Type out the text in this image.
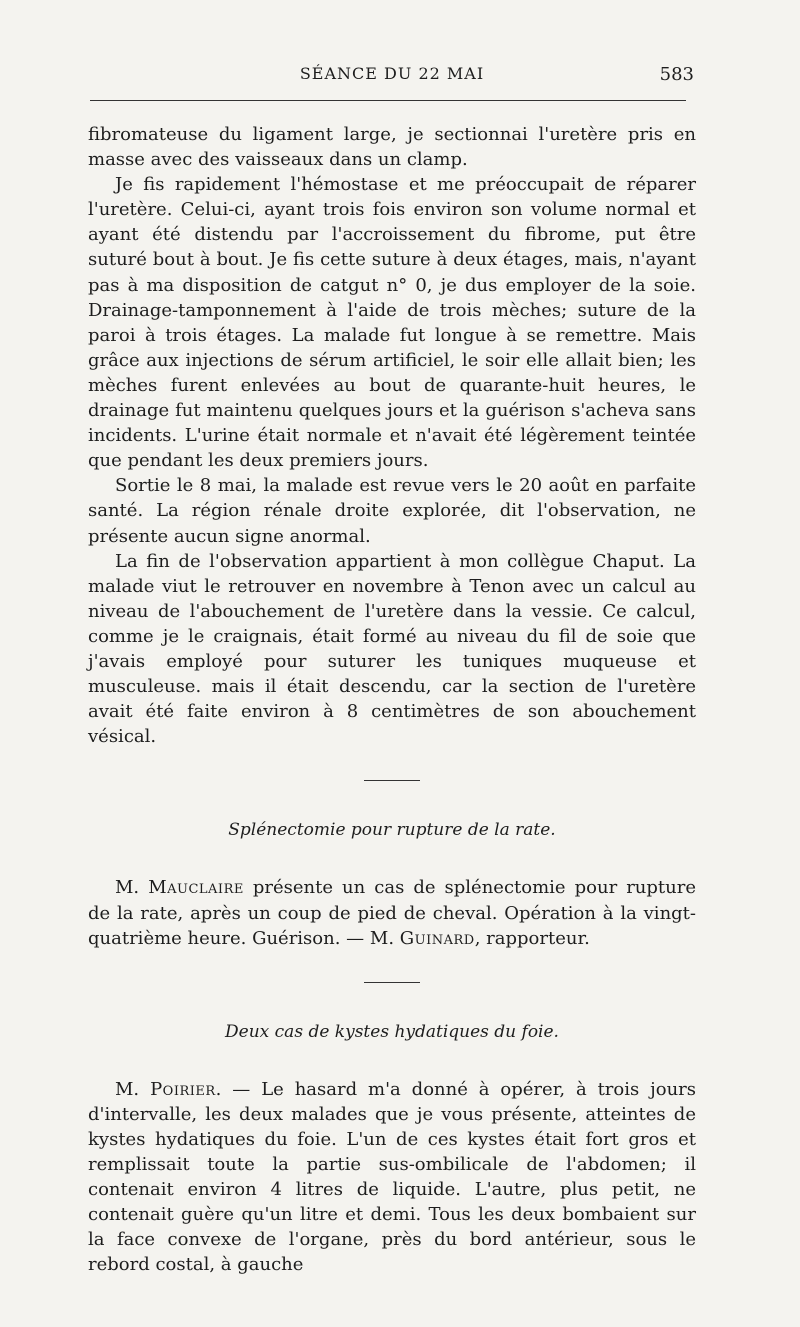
SÉANCE DU 22 MAI	583

fibromateuse du ligament large, je sectionnai l'uretère pris en masse avec des vaisseaux dans un clamp.

Je fis rapidement l'hémostase et me préoccupait de réparer l'uretère. Celui-ci, ayant trois fois environ son volume normal et ayant été distendu par l'accroissement du fibrome, put être suturé bout à bout. Je fis cette suture à deux étages, mais, n'ayant pas à ma disposition de catgut n° 0, je dus employer de la soie. Drainage-tamponnement à l'aide de trois mèches; suture de la paroi à trois étages. La malade fut longue à se remettre. Mais grâce aux injections de sérum artificiel, le soir elle allait bien; les mèches furent enlevées au bout de quarante-huit heures, le drainage fut maintenu quelques jours et la guérison s'acheva sans incidents. L'urine était normale et n'avait été légèrement teintée que pendant les deux premiers jours.

Sortie le 8 mai, la malade est revue vers le 20 août en parfaite santé. La région rénale droite explorée, dit l'observation, ne présente aucun signe anormal.

La fin de l'observation appartient à mon collègue Chaput. La malade viut le retrouver en novembre à Tenon avec un calcul au niveau de l'abouchement de l'uretère dans la vessie. Ce calcul, comme je le craignais, était formé au niveau du fil de soie que j'avais employé pour suturer les tuniques muqueuse et musculeuse. mais il était descendu, car la section de l'uretère avait été faite environ à 8 centimètres de son abouchement vésical.

Splénectomie pour rupture de la rate.

M. Mauclaire présente un cas de splénectomie pour rupture de la rate, après un coup de pied de cheval. Opération à la vingt-quatrième heure. Guérison. — M. Guinard, rapporteur.

Deux cas de kystes hydatiques du foie.

M. Poirier. — Le hasard m'a donné à opérer, à trois jours d'intervalle, les deux malades que je vous présente, atteintes de kystes hydatiques du foie. L'un de ces kystes était fort gros et remplissait toute la partie sus-ombilicale de l'abdomen; il contenait environ 4 litres de liquide. L'autre, plus petit, ne contenait guère qu'un litre et demi. Tous les deux bombaient sur la face convexe de l'organe, près du bord antérieur, sous le rebord costal, à gauche
